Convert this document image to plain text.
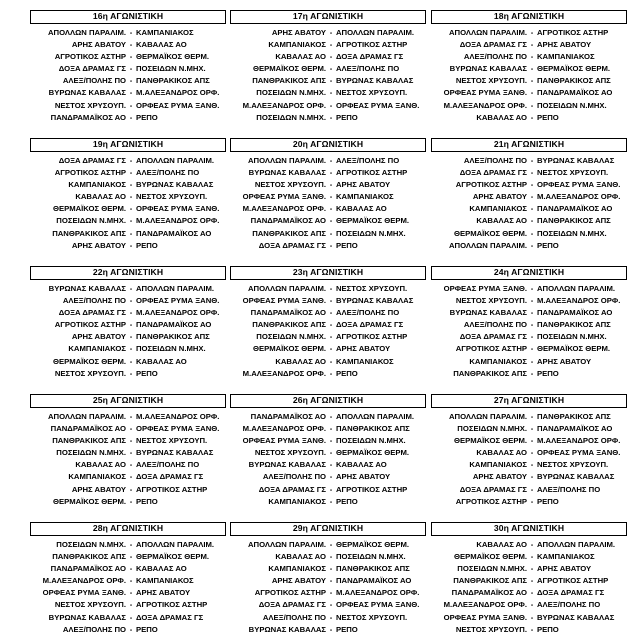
16η ΑΓΩΝΙΣΤΙΚΗ
ΑΠΟΛΛΩΝ ΠΑΡΑΛΙΜ. - ΚΑΜΠΑΝΙΑΚΟΣ
ΑΡΗΣ ΑΒΑΤΟΥ - ΚΑΒΑΛΑΣ ΑΟ
ΑΓΡΟΤΙΚΟΣ ΑΣΤΗΡ - ΘΕΡΜΑΪΚΟΣ ΘΕΡΜ.
ΔΟΞΑ ΔΡΑΜΑΣ ΓΣ - ΠΟΣΕΙΔΩΝ Ν.ΜΗΧ.
ΑΛΕΞ/ΠΟΛΗΣ ΠΟ - ΠΑΝΘΡΑΚΙΚΟΣ ΑΠΣ
ΒΥΡΩΝΑΣ ΚΑΒΑΛΑΣ - Μ.ΑΛΕΞΑΝΔΡΟΣ ΟΡΦ.
ΝΕΣΤΟΣ ΧΡΥΣΟΥΠ. - ΟΡΦΕΑΣ ΡΥΜΑ ΞΑΝΘ.
ΠΑΝΔΡΑΜΑΪΚΟΣ ΑΟ - ΡΕΠΟ
17η ΑΓΩΝΙΣΤΙΚΗ
ΑΡΗΣ ΑΒΑΤΟΥ - ΑΠΟΛΛΩΝ ΠΑΡΑΛΙΜ.
ΚΑΜΠΑΝΙΑΚΟΣ - ΑΓΡΟΤΙΚΟΣ ΑΣΤΗΡ
ΚΑΒΑΛΑΣ ΑΟ - ΔΟΞΑ ΔΡΑΜΑΣ ΓΣ
ΘΕΡΜΑΪΚΟΣ ΘΕΡΜ. - ΑΛΕΞ/ΠΟΛΗΣ ΠΟ
ΠΑΝΘΡΑΚΙΚΟΣ ΑΠΣ - ΒΥΡΩΝΑΣ ΚΑΒΑΛΑΣ
ΠΟΣΕΙΔΩΝ Ν.ΜΗΧ. - ΝΕΣΤΟΣ ΧΡΥΣΟΥΠ.
Μ.ΑΛΕΞΑΝΔΡΟΣ ΟΡΦ. - ΟΡΦΕΑΣ ΡΥΜΑ ΞΑΝΘ.
ΠΟΣΕΙΔΩΝ Ν.ΜΗΧ. - ΡΕΠΟ
18η ΑΓΩΝΙΣΤΙΚΗ
ΑΠΟΛΛΩΝ ΠΑΡΑΛΙΜ. - ΑΓΡΟΤΙΚΟΣ ΑΣΤΗΡ
ΔΟΞΑ ΔΡΑΜΑΣ ΓΣ - ΑΡΗΣ ΑΒΑΤΟΥ
ΑΛΕΞ/ΠΟΛΗΣ ΠΟ - ΚΑΜΠΑΝΙΑΚΟΣ
ΒΥΡΩΝΑΣ ΚΑΒΑΛΑΣ - ΘΕΡΜΑΪΚΟΣ ΘΕΡΜ.
ΝΕΣΤΟΣ ΧΡΥΣΟΥΠ. - ΠΑΝΘΡΑΚΙΚΟΣ ΑΠΣ
ΟΡΦΕΑΣ ΡΥΜΑ ΞΑΝΘ. - ΠΑΝΔΡΑΜΑΪΚΟΣ ΑΟ
Μ.ΑΛΕΞΑΝΔΡΟΣ ΟΡΦ. - ΠΟΣΕΙΔΩΝ Ν.ΜΗΧ.
ΚΑΒΑΛΑΣ ΑΟ - ΡΕΠΟ
19η ΑΓΩΝΙΣΤΙΚΗ
ΔΟΞΑ ΔΡΑΜΑΣ ΓΣ - ΑΠΟΛΛΩΝ ΠΑΡΑΛΙΜ.
ΑΓΡΟΤΙΚΟΣ ΑΣΤΗΡ - ΑΛΕΞ/ΠΟΛΗΣ ΠΟ
ΚΑΜΠΑΝΙΑΚΟΣ - ΒΥΡΩΝΑΣ ΚΑΒΑΛΑΣ
ΚΑΒΑΛΑΣ ΑΟ - ΝΕΣΤΟΣ ΧΡΥΣΟΥΠ.
ΘΕΡΜΑΪΚΟΣ ΘΕΡΜ. - ΟΡΦΕΑΣ ΡΥΜΑ ΞΑΝΘ.
ΠΟΣΕΙΔΩΝ Ν.ΜΗΧ. - Μ.ΑΛΕΞΑΝΔΡΟΣ ΟΡΦ.
ΠΑΝΘΡΑΚΙΚΟΣ ΑΠΣ - ΠΑΝΔΡΑΜΑΪΚΟΣ ΑΟ
ΑΡΗΣ ΑΒΑΤΟΥ - ΡΕΠΟ
20η ΑΓΩΝΙΣΤΙΚΗ
ΑΠΟΛΛΩΝ ΠΑΡΑΛΙΜ. - ΑΛΕΞ/ΠΟΛΗΣ ΠΟ
ΒΥΡΩΝΑΣ ΚΑΒΑΛΑΣ - ΑΓΡΟΤΙΚΟΣ ΑΣΤΗΡ
ΝΕΣΤΟΣ ΧΡΥΣΟΥΠ. - ΑΡΗΣ ΑΒΑΤΟΥ
ΟΡΦΕΑΣ ΡΥΜΑ ΞΑΝΘ. - ΚΑΜΠΑΝΙΑΚΟΣ
Μ.ΑΛΕΞΑΝΔΡΟΣ ΟΡΦ. - ΚΑΒΑΛΑΣ ΑΟ
ΠΑΝΔΡΑΜΑΪΚΟΣ ΑΟ - ΘΕΡΜΑΪΚΟΣ ΘΕΡΜ.
ΠΑΝΘΡΑΚΙΚΟΣ ΑΠΣ - ΠΟΣΕΙΔΩΝ Ν.ΜΗΧ.
ΔΟΞΑ ΔΡΑΜΑΣ ΓΣ - ΡΕΠΟ
21η ΑΓΩΝΙΣΤΙΚΗ
ΑΛΕΞ/ΠΟΛΗΣ ΠΟ - ΒΥΡΩΝΑΣ ΚΑΒΑΛΑΣ
ΔΟΞΑ ΔΡΑΜΑΣ ΓΣ - ΝΕΣΤΟΣ ΧΡΥΣΟΥΠ.
ΑΓΡΟΤΙΚΟΣ ΑΣΤΗΡ - ΟΡΦΕΑΣ ΡΥΜΑ ΞΑΝΘ.
ΑΡΗΣ ΑΒΑΤΟΥ - Μ.ΑΛΕΞΑΝΔΡΟΣ ΟΡΦ.
ΚΑΜΠΑΝΙΑΚΟΣ - ΠΑΝΔΡΑΜΑΪΚΟΣ ΑΟ
ΚΑΒΑΛΑΣ ΑΟ - ΠΑΝΘΡΑΚΙΚΟΣ ΑΠΣ
ΘΕΡΜΑΪΚΟΣ ΘΕΡΜ. - ΠΟΣΕΙΔΩΝ Ν.ΜΗΧ.
ΑΠΟΛΛΩΝ ΠΑΡΑΛΙΜ. - ΡΕΠΟ
22η ΑΓΩΝΙΣΤΙΚΗ
ΒΥΡΩΝΑΣ ΚΑΒΑΛΑΣ - ΑΠΟΛΛΩΝ ΠΑΡΑΛΙΜ.
ΑΛΕΞ/ΠΟΛΗΣ ΠΟ - ΟΡΦΕΑΣ ΡΥΜΑ ΞΑΝΘ.
ΔΟΞΑ ΔΡΑΜΑΣ ΓΣ - Μ.ΑΛΕΞΑΝΔΡΟΣ ΟΡΦ.
ΑΓΡΟΤΙΚΟΣ ΑΣΤΗΡ - ΠΑΝΔΡΑΜΑΪΚΟΣ ΑΟ
ΑΡΗΣ ΑΒΑΤΟΥ - ΠΑΝΘΡΑΚΙΚΟΣ ΑΠΣ
ΚΑΜΠΑΝΙΑΚΟΣ - ΠΟΣΕΙΔΩΝ Ν.ΜΗΧ.
ΘΕΡΜΑΪΚΟΣ ΘΕΡΜ. - ΚΑΒΑΛΑΣ ΑΟ
ΝΕΣΤΟΣ ΧΡΥΣΟΥΠ. - ΡΕΠΟ
23η ΑΓΩΝΙΣΤΙΚΗ
ΑΠΟΛΛΩΝ ΠΑΡΑΛΙΜ. - ΝΕΣΤΟΣ ΧΡΥΣΟΥΠ.
ΟΡΦΕΑΣ ΡΥΜΑ ΞΑΝΘ. - ΒΥΡΩΝΑΣ ΚΑΒΑΛΑΣ
ΠΑΝΔΡΑΜΑΪΚΟΣ ΑΟ - ΑΛΕΞ/ΠΟΛΗΣ ΠΟ
ΠΑΝΘΡΑΚΙΚΟΣ ΑΠΣ - ΔΟΞΑ ΔΡΑΜΑΣ ΓΣ
ΠΟΣΕΙΔΩΝ Ν.ΜΗΧ. - ΑΓΡΟΤΙΚΟΣ ΑΣΤΗΡ
ΘΕΡΜΑΪΚΟΣ ΘΕΡΜ. - ΑΡΗΣ ΑΒΑΤΟΥ
ΚΑΒΑΛΑΣ ΑΟ - ΚΑΜΠΑΝΙΑΚΟΣ
Μ.ΑΛΕΞΑΝΔΡΟΣ ΟΡΦ. - ΡΕΠΟ
24η ΑΓΩΝΙΣΤΙΚΗ
ΟΡΦΕΑΣ ΡΥΜΑ ΞΑΝΘ. - ΑΠΟΛΛΩΝ ΠΑΡΑΛΙΜ.
ΝΕΣΤΟΣ ΧΡΥΣΟΥΠ. - Μ.ΑΛΕΞΑΝΔΡΟΣ ΟΡΦ.
ΒΥΡΩΝΑΣ ΚΑΒΑΛΑΣ - ΠΑΝΔΡΑΜΑΪΚΟΣ ΑΟ
ΑΛΕΞ/ΠΟΛΗΣ ΠΟ - ΠΑΝΘΡΑΚΙΚΟΣ ΑΠΣ
ΔΟΞΑ ΔΡΑΜΑΣ ΓΣ - ΠΟΣΕΙΔΩΝ Ν.ΜΗΧ.
ΑΓΡΟΤΙΚΟΣ ΑΣΤΗΡ - ΘΕΡΜΑΪΚΟΣ ΘΕΡΜ.
ΚΑΜΠΑΝΙΑΚΟΣ - ΑΡΗΣ ΑΒΑΤΟΥ
ΠΑΝΘΡΑΚΙΚΟΣ ΑΠΣ - ΡΕΠΟ
25η ΑΓΩΝΙΣΤΙΚΗ
ΑΠΟΛΛΩΝ ΠΑΡΑΛΙΜ. - Μ.ΑΛΕΞΑΝΔΡΟΣ ΟΡΦ.
ΠΑΝΔΡΑΜΑΪΚΟΣ ΑΟ - ΟΡΦΕΑΣ ΡΥΜΑ ΞΑΝΘ.
ΠΑΝΘΡΑΚΙΚΟΣ ΑΠΣ - ΝΕΣΤΟΣ ΧΡΥΣΟΥΠ.
ΠΟΣΕΙΔΩΝ Ν.ΜΗΧ. - ΒΥΡΩΝΑΣ ΚΑΒΑΛΑΣ
ΚΑΒΑΛΑΣ ΑΟ - ΑΛΕΞ/ΠΟΛΗΣ ΠΟ
ΚΑΜΠΑΝΙΑΚΟΣ - ΔΟΞΑ ΔΡΑΜΑΣ ΓΣ
ΑΡΗΣ ΑΒΑΤΟΥ - ΑΓΡΟΤΙΚΟΣ ΑΣΤΗΡ
ΘΕΡΜΑΪΚΟΣ ΘΕΡΜ. - ΡΕΠΟ
26η ΑΓΩΝΙΣΤΙΚΗ
ΠΑΝΔΡΑΜΑΪΚΟΣ ΑΟ - ΑΠΟΛΛΩΝ ΠΑΡΑΛΙΜ.
Μ.ΑΛΕΞΑΝΔΡΟΣ ΟΡΦ. - ΠΑΝΘΡΑΚΙΚΟΣ ΑΠΣ
ΟΡΦΕΑΣ ΡΥΜΑ ΞΑΝΘ. - ΠΟΣΕΙΔΩΝ Ν.ΜΗΧ.
ΝΕΣΤΟΣ ΧΡΥΣΟΥΠ. - ΘΕΡΜΑΪΚΟΣ ΘΕΡΜ.
ΒΥΡΩΝΑΣ ΚΑΒΑΛΑΣ - ΚΑΒΑΛΑΣ ΑΟ
ΑΛΕΞ/ΠΟΛΗΣ ΠΟ - ΑΡΗΣ ΑΒΑΤΟΥ
ΔΟΞΑ ΔΡΑΜΑΣ ΓΣ - ΑΓΡΟΤΙΚΟΣ ΑΣΤΗΡ
ΚΑΜΠΑΝΙΑΚΟΣ - ΡΕΠΟ
27η ΑΓΩΝΙΣΤΙΚΗ
ΑΠΟΛΛΩΝ ΠΑΡΑΛΙΜ. - ΠΑΝΘΡΑΚΙΚΟΣ ΑΠΣ
ΠΟΣΕΙΔΩΝ Ν.ΜΗΧ. - ΠΑΝΔΡΑΜΑΪΚΟΣ ΑΟ
ΘΕΡΜΑΪΚΟΣ ΘΕΡΜ. - Μ.ΑΛΕΞΑΝΔΡΟΣ ΟΡΦ.
ΚΑΒΑΛΑΣ ΑΟ - ΟΡΦΕΑΣ ΡΥΜΑ ΞΑΝΘ.
ΚΑΜΠΑΝΙΑΚΟΣ - ΝΕΣΤΟΣ ΧΡΥΣΟΥΠ.
ΑΡΗΣ ΑΒΑΤΟΥ - ΒΥΡΩΝΑΣ ΚΑΒΑΛΑΣ
ΔΟΞΑ ΔΡΑΜΑΣ ΓΣ - ΑΛΕΞ/ΠΟΛΗΣ ΠΟ
ΑΓΡΟΤΙΚΟΣ ΑΣΤΗΡ - ΡΕΠΟ
28η ΑΓΩΝΙΣΤΙΚΗ
ΠΟΣΕΙΔΩΝ Ν.ΜΗΧ. - ΑΠΟΛΛΩΝ ΠΑΡΑΛΙΜ.
ΠΑΝΘΡΑΚΙΚΟΣ ΑΠΣ - ΘΕΡΜΑΪΚΟΣ ΘΕΡΜ.
ΠΑΝΔΡΑΜΑΪΚΟΣ ΑΟ - ΚΑΒΑΛΑΣ ΑΟ
Μ.ΑΛΕΞΑΝΔΡΟΣ ΟΡΦ. - ΚΑΜΠΑΝΙΑΚΟΣ
ΟΡΦΕΑΣ ΡΥΜΑ ΞΑΝΘ. - ΑΡΗΣ ΑΒΑΤΟΥ
ΝΕΣΤΟΣ ΧΡΥΣΟΥΠ. - ΑΓΡΟΤΙΚΟΣ ΑΣΤΗΡ
ΒΥΡΩΝΑΣ ΚΑΒΑΛΑΣ - ΔΟΞΑ ΔΡΑΜΑΣ ΓΣ
ΑΛΕΞ/ΠΟΛΗΣ ΠΟ - ΡΕΠΟ
29η ΑΓΩΝΙΣΤΙΚΗ
ΑΠΟΛΛΩΝ ΠΑΡΑΛΙΜ. - ΘΕΡΜΑΪΚΟΣ ΘΕΡΜ.
ΚΑΒΑΛΑΣ ΑΟ - ΠΟΣΕΙΔΩΝ Ν.ΜΗΧ.
ΚΑΜΠΑΝΙΑΚΟΣ - ΠΑΝΘΡΑΚΙΚΟΣ ΑΠΣ
ΑΡΗΣ ΑΒΑΤΟΥ - ΠΑΝΔΡΑΜΑΪΚΟΣ ΑΟ
ΑΓΡΟΤΙΚΟΣ ΑΣΤΗΡ - Μ.ΑΛΕΞΑΝΔΡΟΣ ΟΡΦ.
ΔΟΞΑ ΔΡΑΜΑΣ ΓΣ - ΟΡΦΕΑΣ ΡΥΜΑ ΞΑΝΘ.
ΑΛΕΞ/ΠΟΛΗΣ ΠΟ - ΝΕΣΤΟΣ ΧΡΥΣΟΥΠ.
ΒΥΡΩΝΑΣ ΚΑΒΑΛΑΣ - ΡΕΠΟ
30η ΑΓΩΝΙΣΤΙΚΗ
ΚΑΒΑΛΑΣ ΑΟ - ΑΠΟΛΛΩΝ ΠΑΡΑΛΙΜ.
ΘΕΡΜΑΪΚΟΣ ΘΕΡΜ. - ΚΑΜΠΑΝΙΑΚΟΣ
ΠΟΣΕΙΔΩΝ Ν.ΜΗΧ. - ΑΡΗΣ ΑΒΑΤΟΥ
ΠΑΝΘΡΑΚΙΚΟΣ ΑΠΣ - ΑΓΡΟΤΙΚΟΣ ΑΣΤΗΡ
ΠΑΝΔΡΑΜΑΪΚΟΣ ΑΟ - ΔΟΞΑ ΔΡΑΜΑΣ ΓΣ
Μ.ΑΛΕΞΑΝΔΡΟΣ ΟΡΦ. - ΑΛΕΞ/ΠΟΛΗΣ ΠΟ
ΟΡΦΕΑΣ ΡΥΜΑ ΞΑΝΘ. - ΒΥΡΩΝΑΣ ΚΑΒΑΛΑΣ
ΝΕΣΤΟΣ ΧΡΥΣΟΥΠ. - ΡΕΠΟ
